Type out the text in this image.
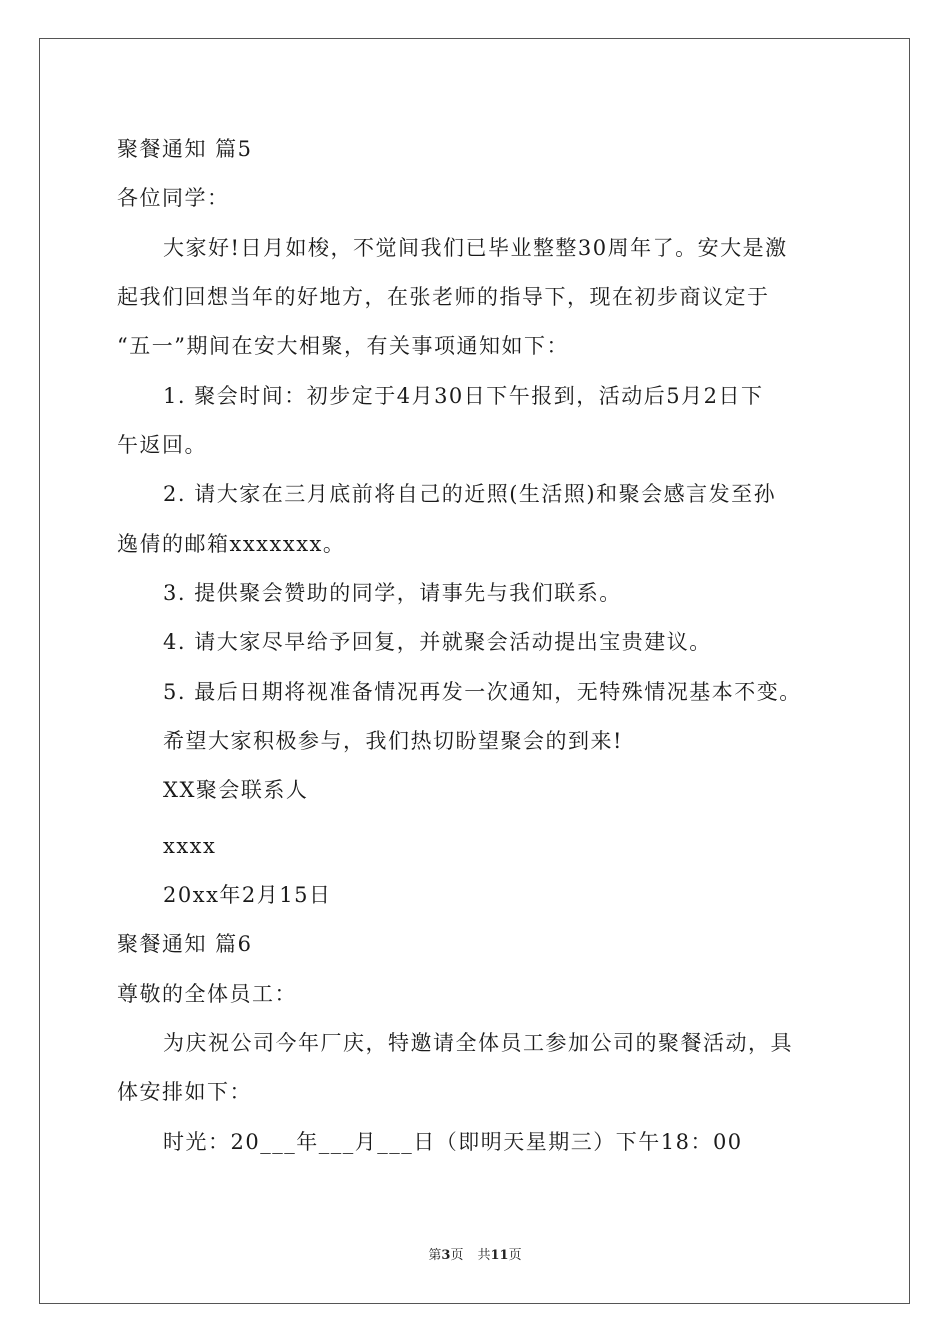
聚餐通知 篇5
各位同学：
大家好!日月如梭，不觉间我们已毕业整整30周年了。安大是激
起我们回想当年的好地方，在张老师的指导下，现在初步商议定于
“五一”期间在安大相聚，有关事项通知如下：
1. 聚会时间：初步定于4月30日下午报到，活动后5月2日下
午返回。
2. 请大家在三月底前将自己的近照(生活照)和聚会感言发至孙
逸倩的邮箱xxxxxxx。
3. 提供聚会赞助的同学，请事先与我们联系。
4. 请大家尽早给予回复，并就聚会活动提出宝贵建议。
5. 最后日期将视准备情况再发一次通知，无特殊情况基本不变。
希望大家积极参与，我们热切盼望聚会的到来!
XX聚会联系人
xxxx
20xx年2月15日
聚餐通知 篇6
尊敬的全体员工：
为庆祝公司今年厂庆，特邀请全体员工参加公司的聚餐活动，具
体安排如下：
时光：20___年___月___日（即明天星期三）下午18：00
第3页 共11页
